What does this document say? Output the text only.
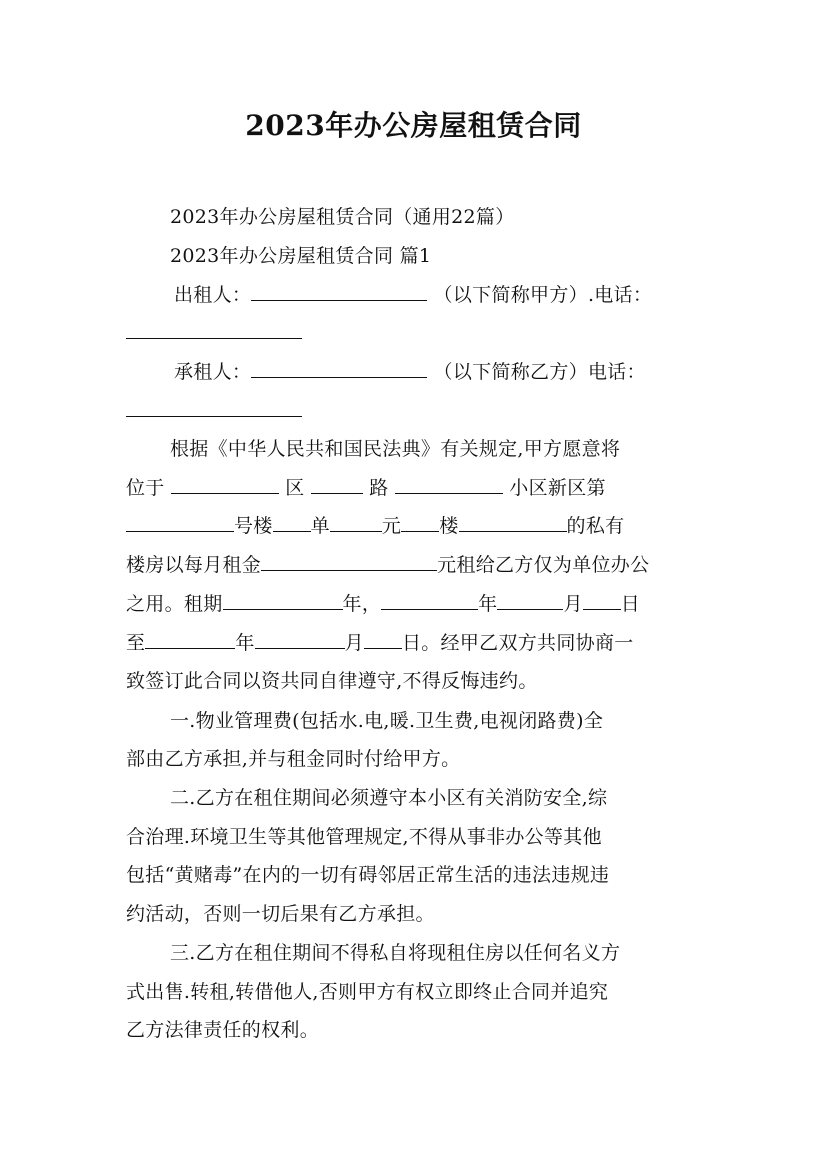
2023年办公房屋租赁合同
2023年办公房屋租赁合同（通用22篇）
2023年办公房屋租赁合同 篇1
出租人：	（以下简称甲方）.电话：
承租人：	（以下简称乙方）电话：
根据《中华人民共和国民法典》有关规定,甲方愿意将
位于	区	路	小区新区第
号楼 单	元 楼	的私有
楼房以每月租金	元租给乙方仅为单位办公
之用。租期	年，	年	月 日
至	年	月 日。经甲乙双方共同协商一
致签订此合同以资共同自律遵守,不得反悔违约。
一.物业管理费(包括水.电,暖.卫生费,电视闭路费)全
部由乙方承担,并与租金同时付给甲方。
二.乙方在租住期间必须遵守本小区有关消防安全,综
合治理.环境卫生等其他管理规定,不得从事非办公等其他
包括“黄赌毒”在内的一切有碍邻居正常生活的违法违规违
约活动，否则一切后果有乙方承担。
三.乙方在租住期间不得私自将现租住房以任何名义方
式出售.转租,转借他人,否则甲方有权立即终止合同并追究
乙方法律责任的权利。
